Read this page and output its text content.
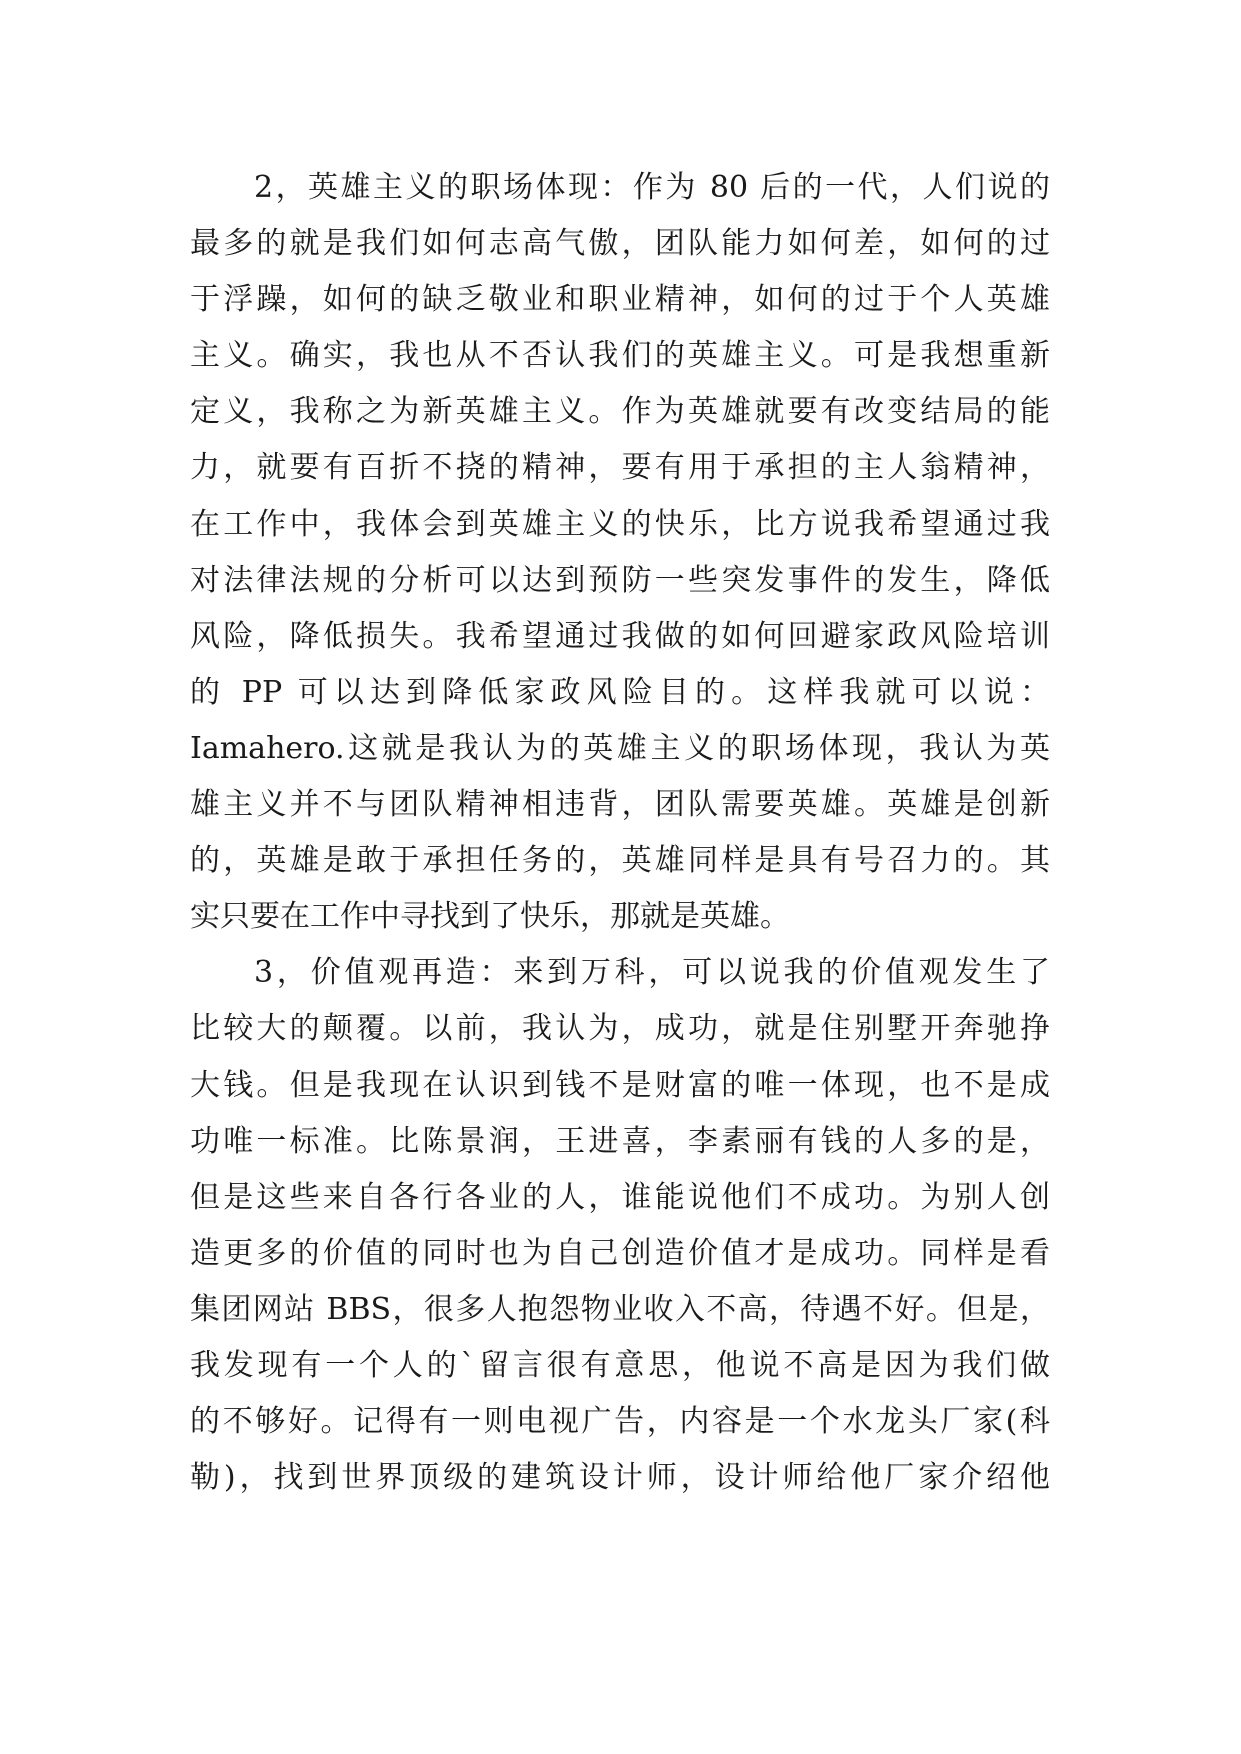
2，英雄主义的职场体现：作为 80 后的一代，人们说的
最多的就是我们如何志高气傲，团队能力如何差，如何的过
于浮躁，如何的缺乏敬业和职业精神，如何的过于个人英雄
主义。确实，我也从不否认我们的英雄主义。可是我想重新
定义，我称之为新英雄主义。作为英雄就要有改变结局的能
力，就要有百折不挠的精神，要有用于承担的主人翁精神，
在工作中，我体会到英雄主义的快乐，比方说我希望通过我
对法律法规的分析可以达到预防一些突发事件的发生，降低
风险，降低损失。我希望通过我做的如何回避家政风险培训
的 PP 可以达到降低家政风险目的。这样我就可以说：
Iamahero.这就是我认为的英雄主义的职场体现，我认为英
雄主义并不与团队精神相违背，团队需要英雄。英雄是创新
的，英雄是敢于承担任务的，英雄同样是具有号召力的。其
实只要在工作中寻找到了快乐，那就是英雄。
3，价值观再造：来到万科，可以说我的价值观发生了
比较大的颠覆。以前，我认为，成功，就是住别墅开奔驰挣
大钱。但是我现在认识到钱不是财富的唯一体现，也不是成
功唯一标准。比陈景润，王进喜，李素丽有钱的人多的是，
但是这些来自各行各业的人，谁能说他们不成功。为别人创
造更多的价值的同时也为自己创造价值才是成功。同样是看
集团网站 BBS，很多人抱怨物业收入不高，待遇不好。但是，
我发现有一个人的`留言很有意思，他说不高是因为我们做
的不够好。记得有一则电视广告，内容是一个水龙头厂家(科
勒)，找到世界顶级的建筑设计师，设计师给他厂家介绍他
